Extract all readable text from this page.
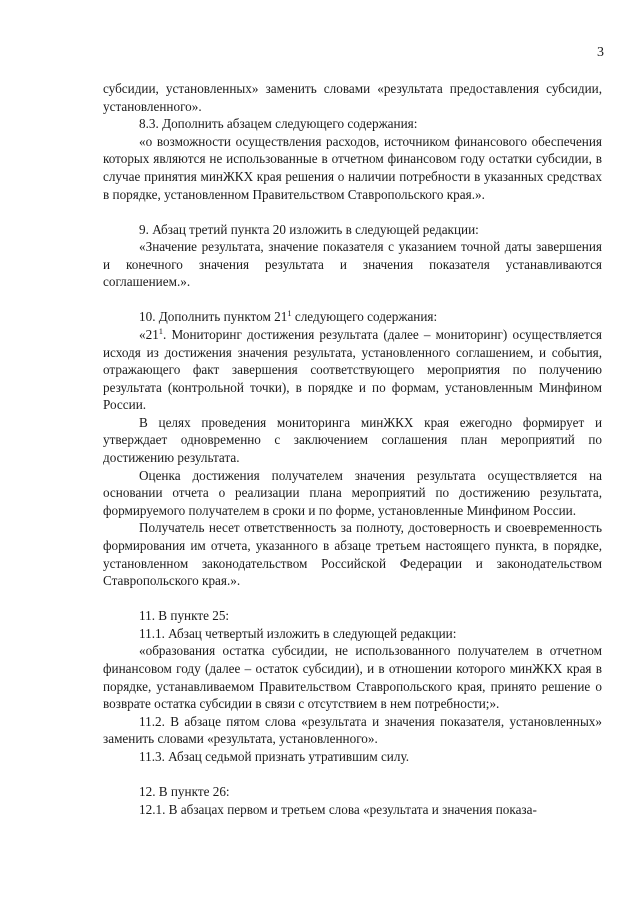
3

субсидии, установленных» заменить словами «результата предоставления субсидии, установленного».

8.3. Дополнить абзацем следующего содержания:

«о возможности осуществления расходов, источником финансового обеспечения которых являются не использованные в отчетном финансовом году остатки субсидии, в случае принятия минЖКХ края решения о наличии потребности в указанных средствах в порядке, установленном Правительством Ставропольского края.».

9. Абзац третий пункта 20 изложить в следующей редакции:

«Значение результата, значение показателя с указанием точной даты завершения и конечного значения результата и значения показателя устанавливаются соглашением.».

10. Дополнить пунктом $21^1$ следующего содержания:

«$21^1$. Мониторинг достижения результата (далее – мониторинг) осуществляется исходя из достижения значения результата, установленного соглашением, и события, отражающего факт завершения соответствующего мероприятия по получению результата (контрольной точки), в порядке и по формам, установленным Минфином России.

В целях проведения мониторинга минЖКХ края ежегодно формирует и утверждает одновременно с заключением соглашения план мероприятий по достижению результата.

Оценка достижения получателем значения результата осуществляется на основании отчета о реализации плана мероприятий по достижению результата, формируемого получателем в сроки и по форме, установленные Минфином России.

Получатель несет ответственность за полноту, достоверность и своевременность формирования им отчета, указанного в абзаце третьем настоящего пункта, в порядке, установленном законодательством Российской Федерации и законодательством Ставропольского края.».

11. В пункте 25:

11.1. Абзац четвертый изложить в следующей редакции:

«образования остатка субсидии, не использованного получателем в отчетном финансовом году (далее – остаток субсидии), и в отношении которого минЖКХ края в порядке, устанавливаемом Правительством Ставропольского края, принято решение о возврате остатка субсидии в связи с отсутствием в нем потребности;».

11.2. В абзаце пятом слова «результата и значения показателя, установленных» заменить словами «результата, установленного».

11.3. Абзац седьмой признать утратившим силу.

12. В пункте 26:

12.1. В абзацах первом и третьем слова «результата и значения показа-
